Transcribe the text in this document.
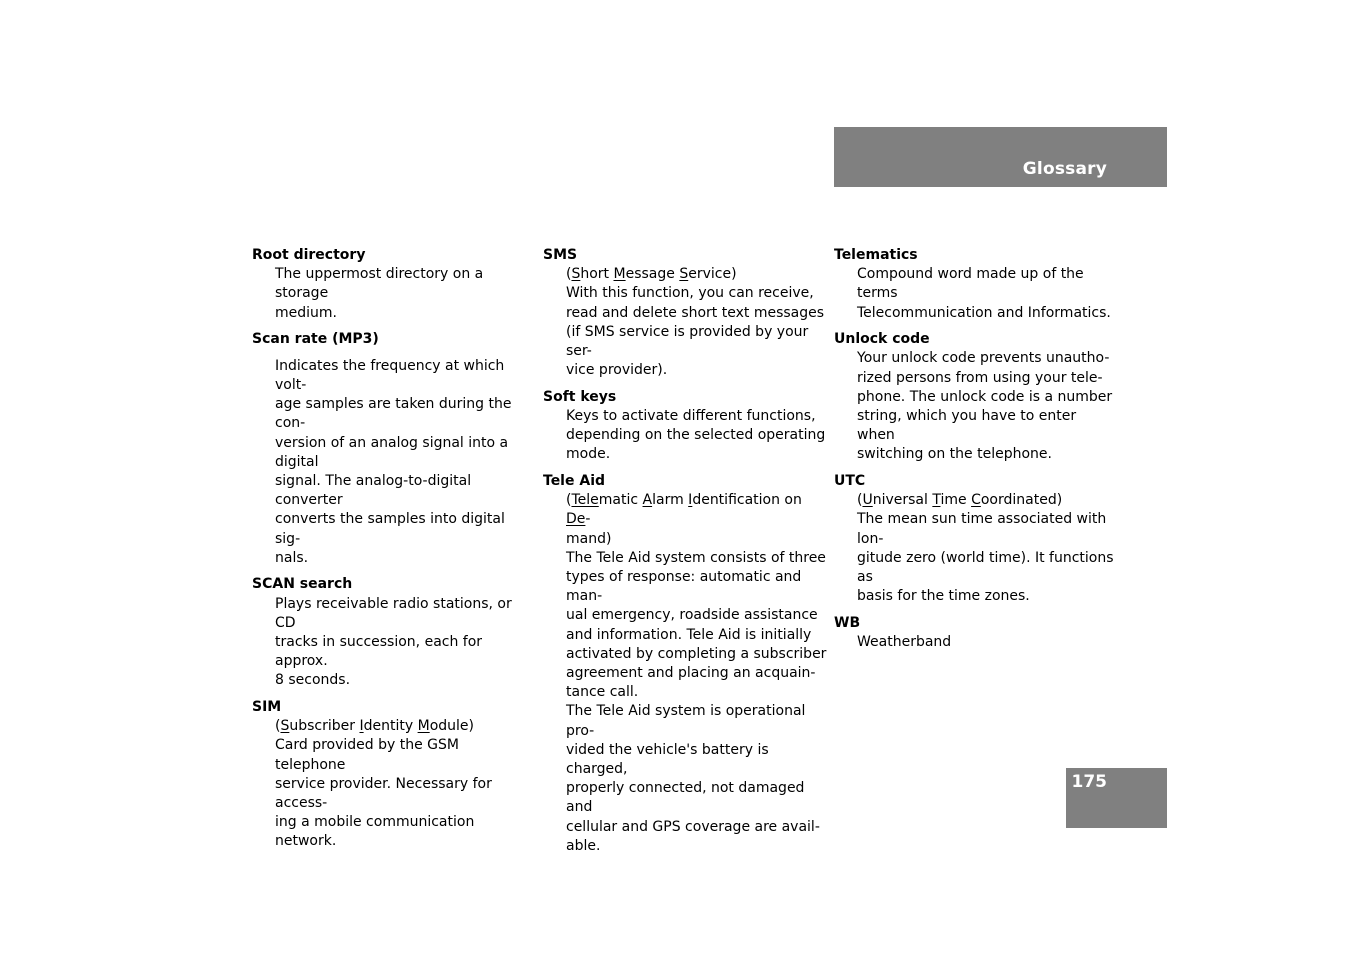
Glossary

Root directory

The uppermost directory on a storage

medium.

Scan rate (MP3)

Indicates the frequency at which volt-

age samples are taken during the con-

version of an analog signal into a digital

signal. The analog-to-digital converter

converts the samples into digital sig-

nals.

SCAN search

Plays receivable radio stations, or CD

tracks in succession, each for approx.

8 seconds.

SIM

(Subscriber Identity Module)

Card provided by the GSM telephone

service provider. Necessary for access-

ing a mobile communication network.

SMS

(Short Message Service)

With this function, you can receive,

read and delete short text messages

(if SMS service is provided by your ser-

vice provider).

Soft keys

Keys to activate different functions,

depending on the selected operating

mode.

Tele Aid

(Telematic Alarm Identification on De-

mand)

The Tele Aid system consists of three

types of response: automatic and man-

ual emergency, roadside assistance

and information. Tele Aid is initially

activated by completing a subscriber

agreement and placing an acquain-

tance call.

The Tele Aid system is operational pro-

vided the vehicle's battery is charged,

properly connected, not damaged and

cellular and GPS coverage are avail-

able.

Telematics

Compound word made up of the terms

Telecommunication and Informatics.

Unlock code

Your unlock code prevents unautho-

rized persons from using your tele-

phone. The unlock code is a number

string, which you have to enter when

switching on the telephone.

UTC

(Universal Time Coordinated)

The mean sun time associated with lon-

gitude zero (world time). It functions as

basis for the time zones.

WB

Weatherband

175
